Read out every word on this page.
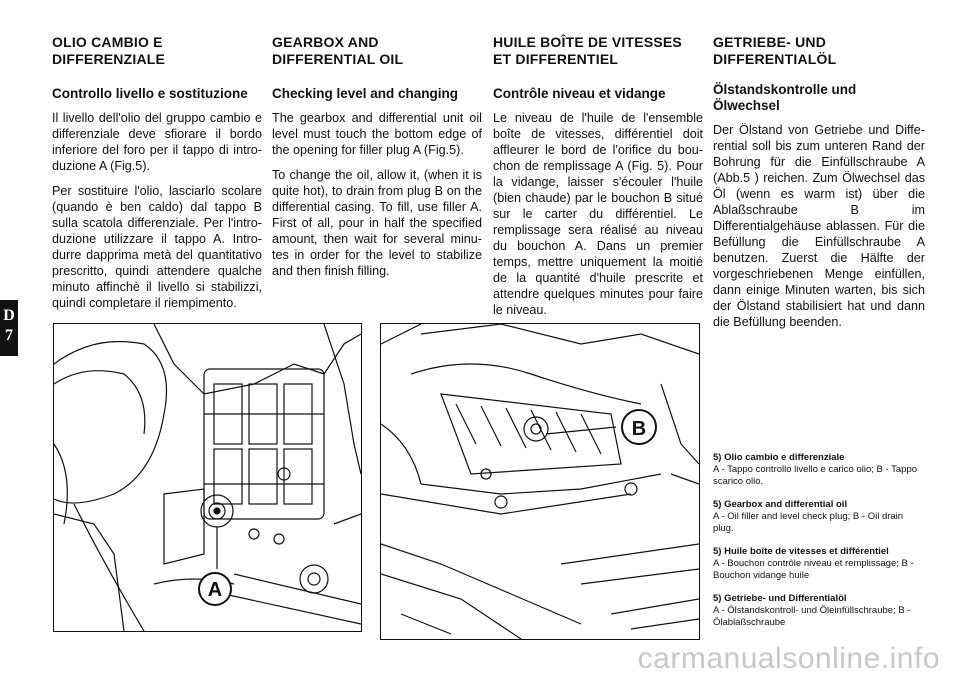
D
7
OLIO CAMBIO E DIFFERENZIALE
Controllo livello e sostituzione

Il livello dell'olio del gruppo cambio e differenziale deve sfiorare il bordo inferiore del foro per il tappo di intro-duzione A (Fig.5).

Per sostituire l'olio, lasciarlo scolare (quando è ben caldo) dal tappo B sulla scatola differenziale. Per l'intro-duzione utilizzare il tappo A. Intro-durre dapprima metà del quantitativo prescritto, quindi attendere qualche minuto affinchè il livello si stabilizzi, quindi completare il riempimento.

GEARBOX AND DIFFERENTIAL OIL
Checking level and changing

The gearbox and differential unit oil level must touch the bottom edge of the opening for filler plug A (Fig.5).

To change the oil, allow it, (when it is quite hot), to drain from plug B on the differential casing. To fill, use filler A. First of all, pour in half the specified amount, then wait for several minu-tes in order for the level to stabilize and then finish filling.

HUILE BOÎTE DE VITESSES ET DIFFERENTIEL
Contrôle niveau et vidange

Le niveau de l'huile de l'ensemble boîte de vitesses, différentiel doit affleurer le bord de l'orifice du bou-chon de remplissage A (Fig. 5). Pour la vidange, laisser s'écouler l'huile (bien chaude) par le bouchon B situé sur le carter du différentiel. Le remplissage sera réalisé au niveau du bouchon A. Dans un premier temps, mettre uniquement la moitié de la quantité d'huile prescrite et attendre quelques minutes pour faire le niveau.

GETRIEBE- UND DIFFERENTIALÖL
Ölstandskontrolle und Ölwechsel

Der Ölstand von Getriebe und Diffe-rential soll bis zum unteren Rand der Bohrung für die Einfüllschraube A (Abb.5 ) reichen. Zum Ölwechsel das Öl (wenn es warm ist) über die Ablaßschraube B im Differentialgehäuse ablassen. Für die Befüllung die Einfüllschraube A benutzen. Zuerst die Hälfte der vorgeschriebenen Menge einfüllen, dann einige Minuten warten, bis sich der Ölstand stabilisiert hat und dann die Befüllung beenden.

A
B
5) Olio cambio e differenziale
A - Tappo controllo livello e carico olio; B - Tappo scarico olio.
5) Gearbox and differential oil
A - Oil filler and level check plug; B - Oil drain plug.
5) Huile boîte de vitesses et différentiel
A - Bouchon contrôle niveau et remplissage; B - Bouchon vidange huile
5) Getriebe- und Differentialöl
A - Ölstandskontroll- und Öleinfüllschraube; B - Ölablaßschraube
carmanualsonline.info
